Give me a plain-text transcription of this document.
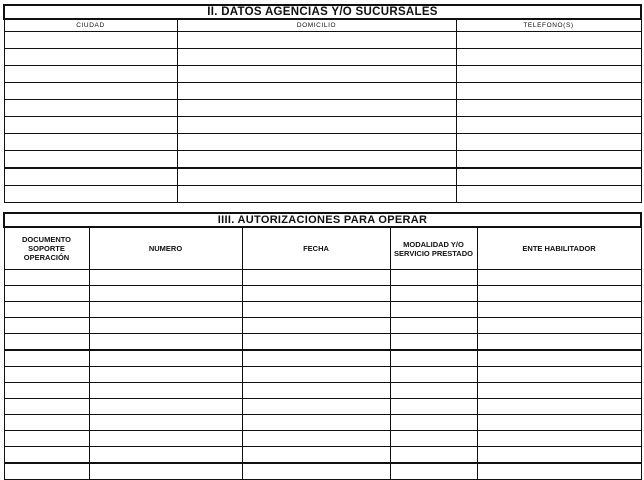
II. DATOS AGENCIAS Y/O SUCURSALES		
CIUDAD	DOMICILIO	TELEFONO(S)

IIII. AUTORIZACIONES PARA OPERAR				
DOCUMENTO SOPORTE OPERACIÓN	NUMERO	FECHA	MODALIDAD Y/O SERVICIO PRESTADO	ENTE HABILITADOR
